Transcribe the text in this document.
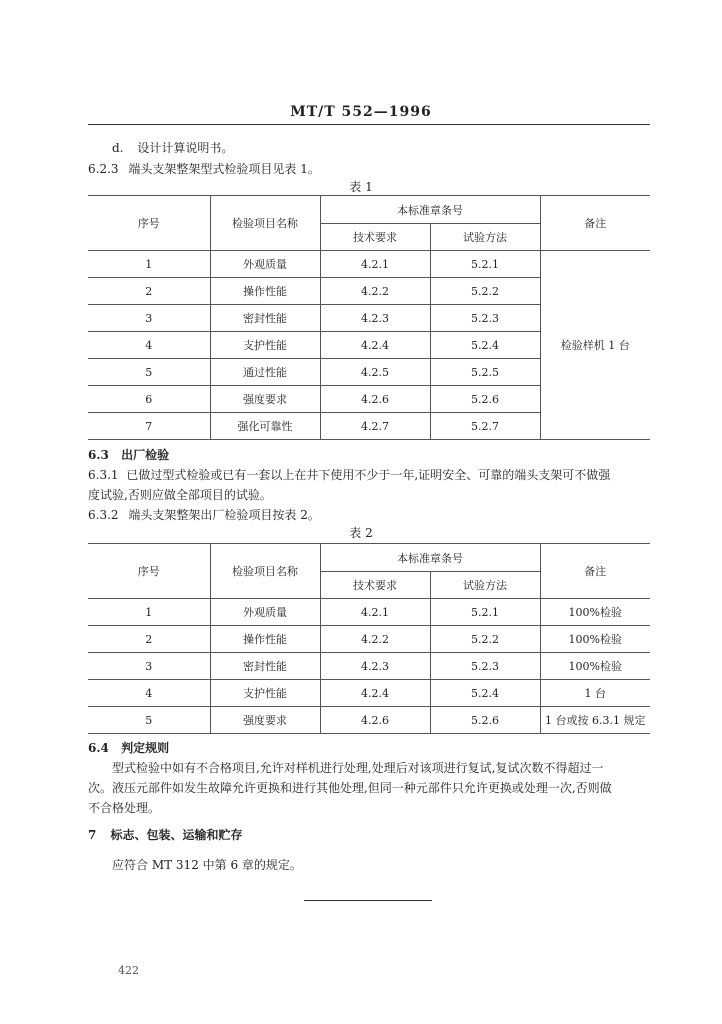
MT/T 552—1996
d. 设计计算说明书。
6.2.3 端头支架整架型式检验项目见表 1。
表 1
序号	检验项目名称	本标准章条号		备注
		技术要求	试验方法	
1	外观质量	4.2.1	5.2.1	检验样机 1 台
2	操作性能	4.2.2	5.2.2	
3	密封性能	4.2.3	5.2.3	
4	支护性能	4.2.4	5.2.4	
5	通过性能	4.2.5	5.2.5	
6	强度要求	4.2.6	5.2.6	
7	强化可靠性	4.2.7	5.2.7	
6.3 出厂检验
6.3.1 已做过型式检验或已有一套以上在井下使用不少于一年,证明安全、可靠的端头支架可不做强
度试验,否则应做全部项目的试验。
6.3.2 端头支架整架出厂检验项目按表 2。
表 2
序号	检验项目名称	本标准章条号		备注
		技术要求	试验方法	
1	外观质量	4.2.1	5.2.1	100%检验
2	操作性能	4.2.2	5.2.2	100%检验
3	密封性能	4.2.3	5.2.3	100%检验
4	支护性能	4.2.4	5.2.4	1 台
5	强度要求	4.2.6	5.2.6	1 台或按 6.3.1 规定
6.4 判定规则
型式检验中如有不合格项目,允许对样机进行处理,处理后对该项进行复试,复试次数不得超过一
次。液压元部件如发生故障允许更换和进行其他处理,但同一种元部件只允许更换或处理一次,否则做
不合格处理。
7 标志、包装、运输和贮存
应符合 MT 312 中第 6 章的规定。
422
